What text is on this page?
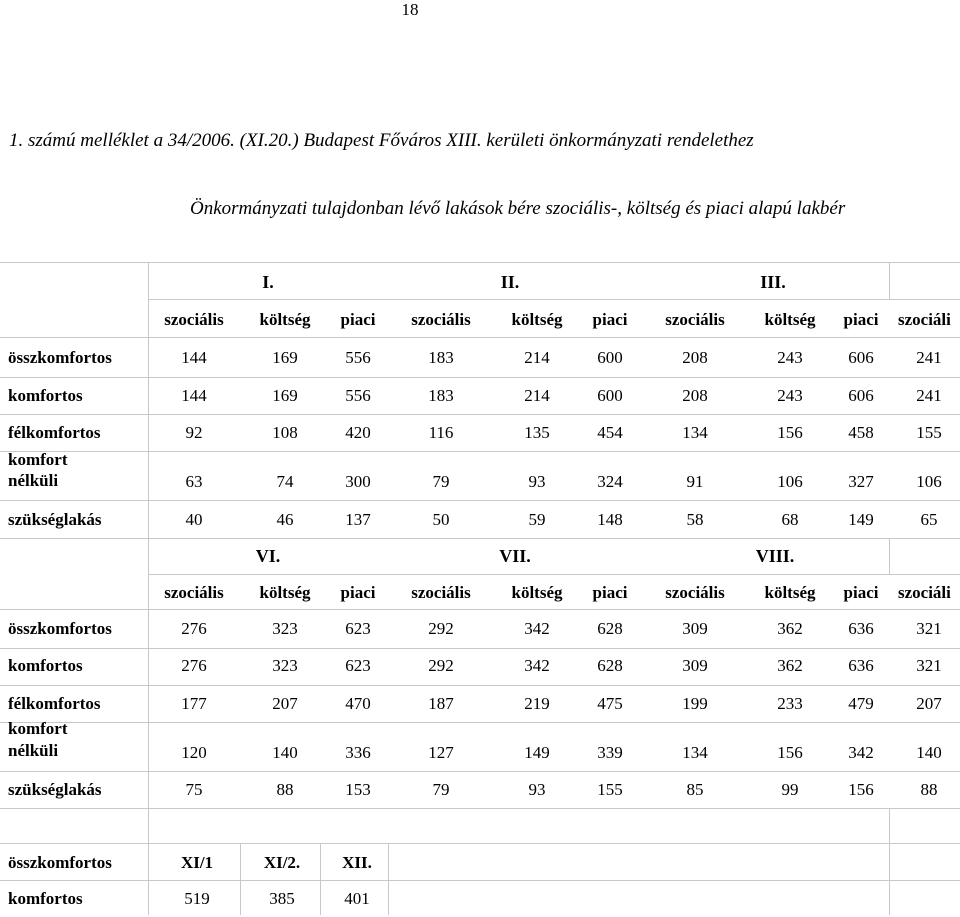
18
1. számú melléklet a 34/2006. (XI.20.) Budapest Főváros XIII. kerületi önkormányzati rendelethez
Önkormányzati tulajdonban lévő lakások bére szociális-, költség és piaci alapú lakbér
I.	II.	III.
szociális	költség	piaci	szociális	költség	piaci	szociális	költség	piaci	szociáli
összkomfortos	144	169	556	183	214	600	208	243	606	241
komfortos	144	169	556	183	214	600	208	243	606	241
félkomfortos	92	108	420	116	135	454	134	156	458	155
komfort
nélküli	63	74	300	79	93	324	91	106	327	106
szükséglakás	40	46	137	50	59	148	58	68	149	65
VI.	VII.	VIII.
szociális	költség	piaci	szociális	költség	piaci	szociális	költség	piaci	szociáli
összkomfortos	276	323	623	292	342	628	309	362	636	321
komfortos	276	323	623	292	342	628	309	362	636	321
félkomfortos	177	207	470	187	219	475	199	233	479	207
komfort
nélküli	120	140	336	127	149	339	134	156	342	140
szükséglakás	75	88	153	79	93	155	85	99	156	88
összkomfortos	XI/1	XI/2.	XII.
komfortos	519	385	401
